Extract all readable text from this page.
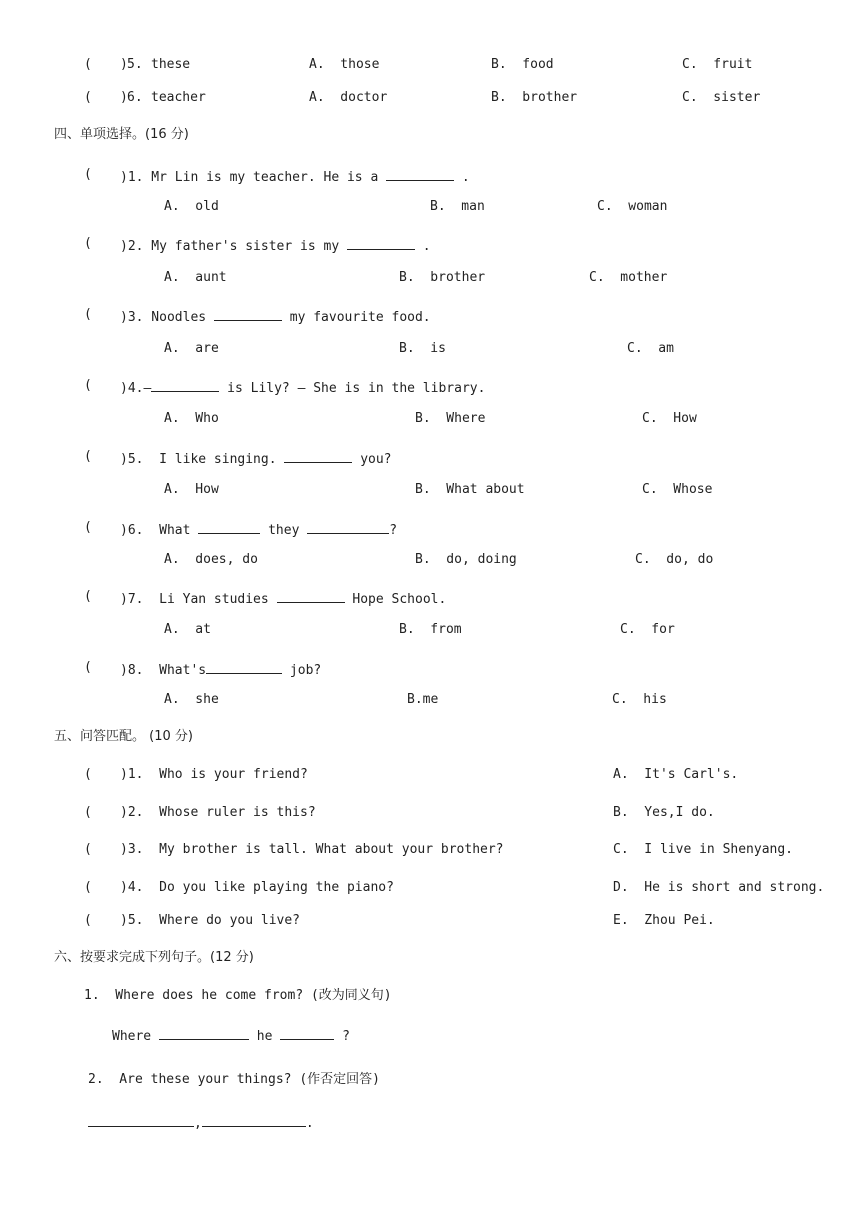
( ) 5. these	A.  those	B.  food	C.  fruit
( ) 6. teacher	A.  doctor	B.  brother	C.  sister
四、单项选择。(16 分)
( )1. Mr Lin is my teacher. He is a	.
A.  old	B.  man	C.  woman
( )2. My father's sister is my	.
A.  aunt	B.  brother	C.  mother
( )3. Noodles	my favourite food.
A.  are	B.  is	C.  am
( )4.—	is Lily? — She is in the library.
A.  Who	B.  Where	C.  How
( )5.  I like singing.	you?
A.  How	B.  What about	C.  Whose
( )6.  What	they	?
A.  does, do	B.  do, doing	C.  do, do
( )7.  Li Yan studies	Hope School.
A.  at	B.  from	C.  for
( )8.  What's	job?
A.  she	B.me	C.  his
五、问答匹配。 (10 分)
( )1.  Who is your friend?	A.  It's Carl's.
( )2.  Whose ruler is this?	B.  Yes,I do.
( )3.  My brother is tall. What about your brother?	C.  I live in Shenyang.
( )4.  Do you like playing the piano?	D.  He is short and strong.
( )5.  Where do you live?	E.  Zhou Pei.
六、按要求完成下列句子。(12 分)
1.  Where does he come from? (改为同义句)
Where	he	?
2.  Are these your things? (作否定回答)
,	.
